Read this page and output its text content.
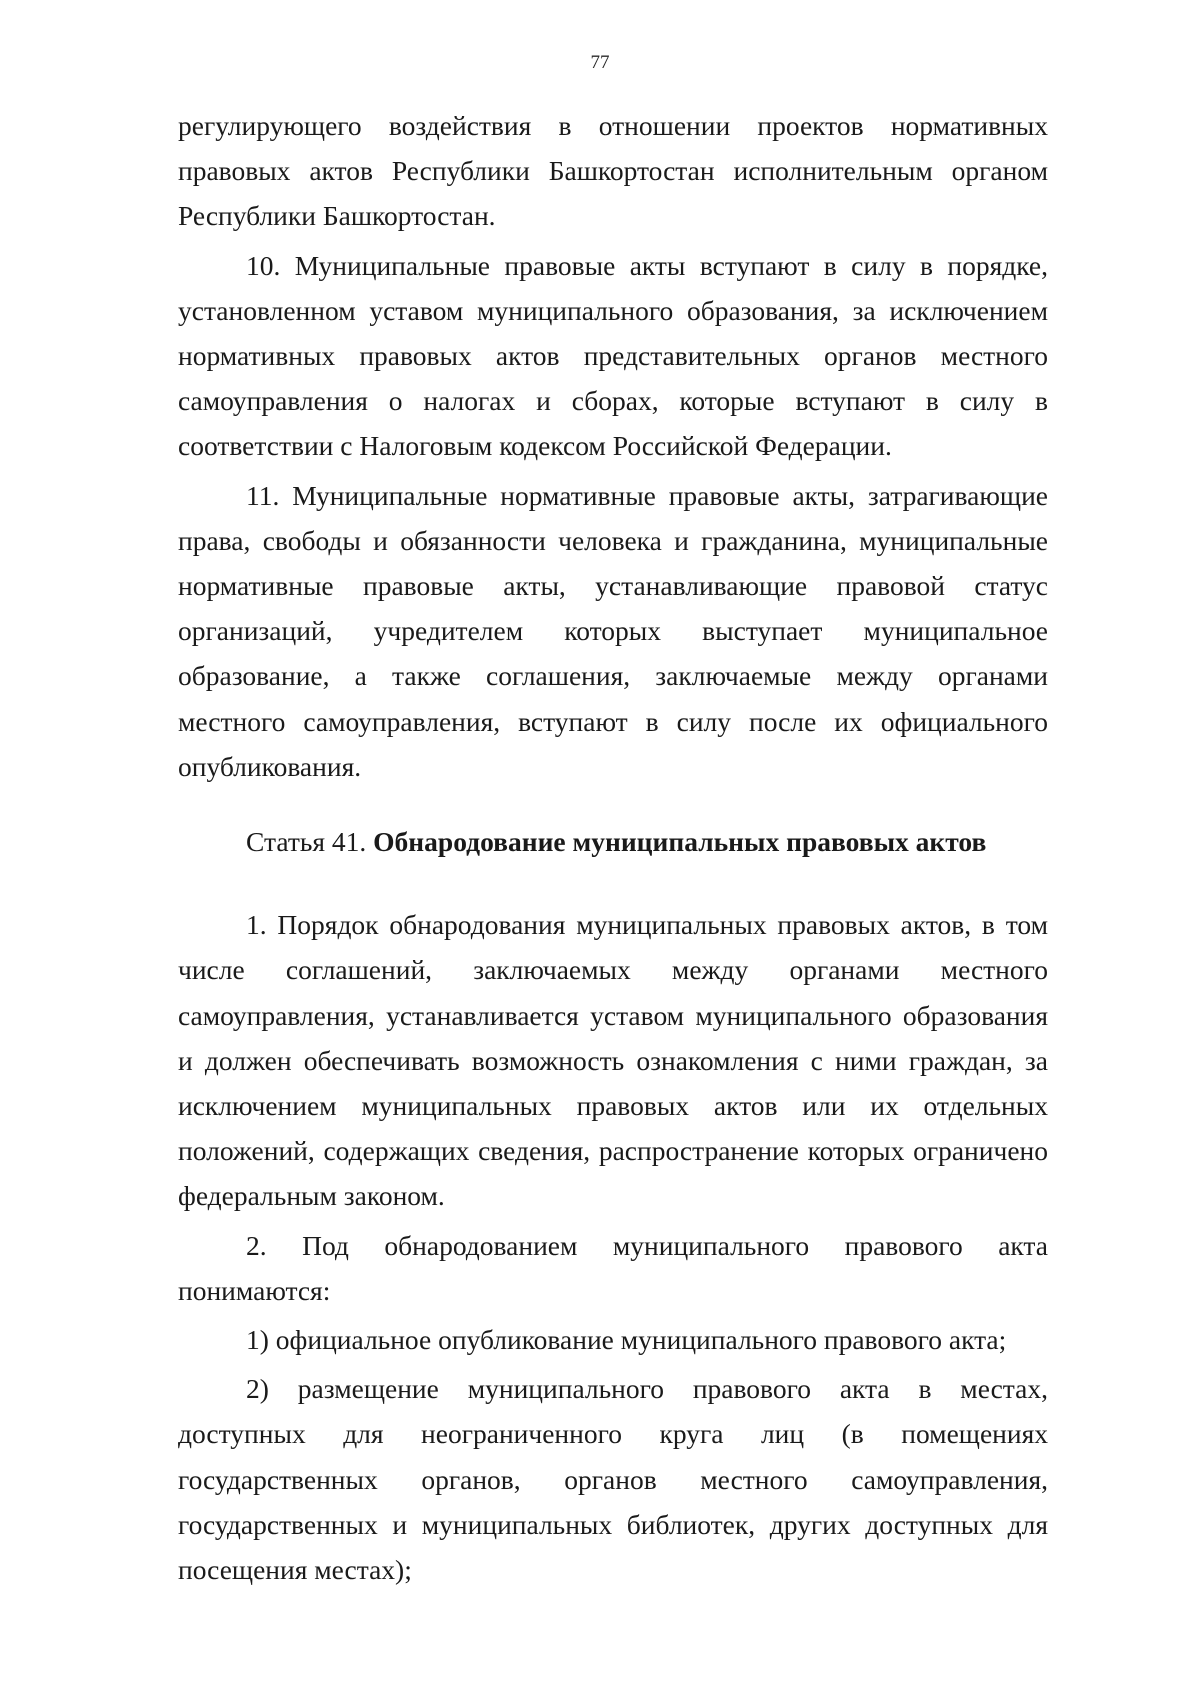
77

регулирующего воздействия в отношении проектов нормативных правовых актов Республики Башкортостан исполнительным органом Республики Башкортостан.

10. Муниципальные правовые акты вступают в силу в порядке, установленном уставом муниципального образования, за исключением нормативных правовых актов представительных органов местного самоуправления о налогах и сборах, которые вступают в силу в соответствии с Налоговым кодексом Российской Федерации.

11. Муниципальные нормативные правовые акты, затрагивающие права, свободы и обязанности человека и гражданина, муниципальные нормативные правовые акты, устанавливающие правовой статус организаций, учредителем которых выступает муниципальное образование, а также соглашения, заключаемые между органами местного самоуправления, вступают в силу после их официального опубликования.

Статья 41. Обнародование муниципальных правовых актов

1. Порядок обнародования муниципальных правовых актов, в том числе соглашений, заключаемых между органами местного самоуправления, устанавливается уставом муниципального образования и должен обеспечивать возможность ознакомления с ними граждан, за исключением муниципальных правовых актов или их отдельных положений, содержащих сведения, распространение которых ограничено федеральным законом.

2. Под обнародованием муниципального правового акта понимаются:

1) официальное опубликование муниципального правового акта;

2) размещение муниципального правового акта в местах, доступных для неограниченного круга лиц (в помещениях государственных органов, органов местного самоуправления, государственных и муниципальных библиотек, других доступных для посещения местах);
